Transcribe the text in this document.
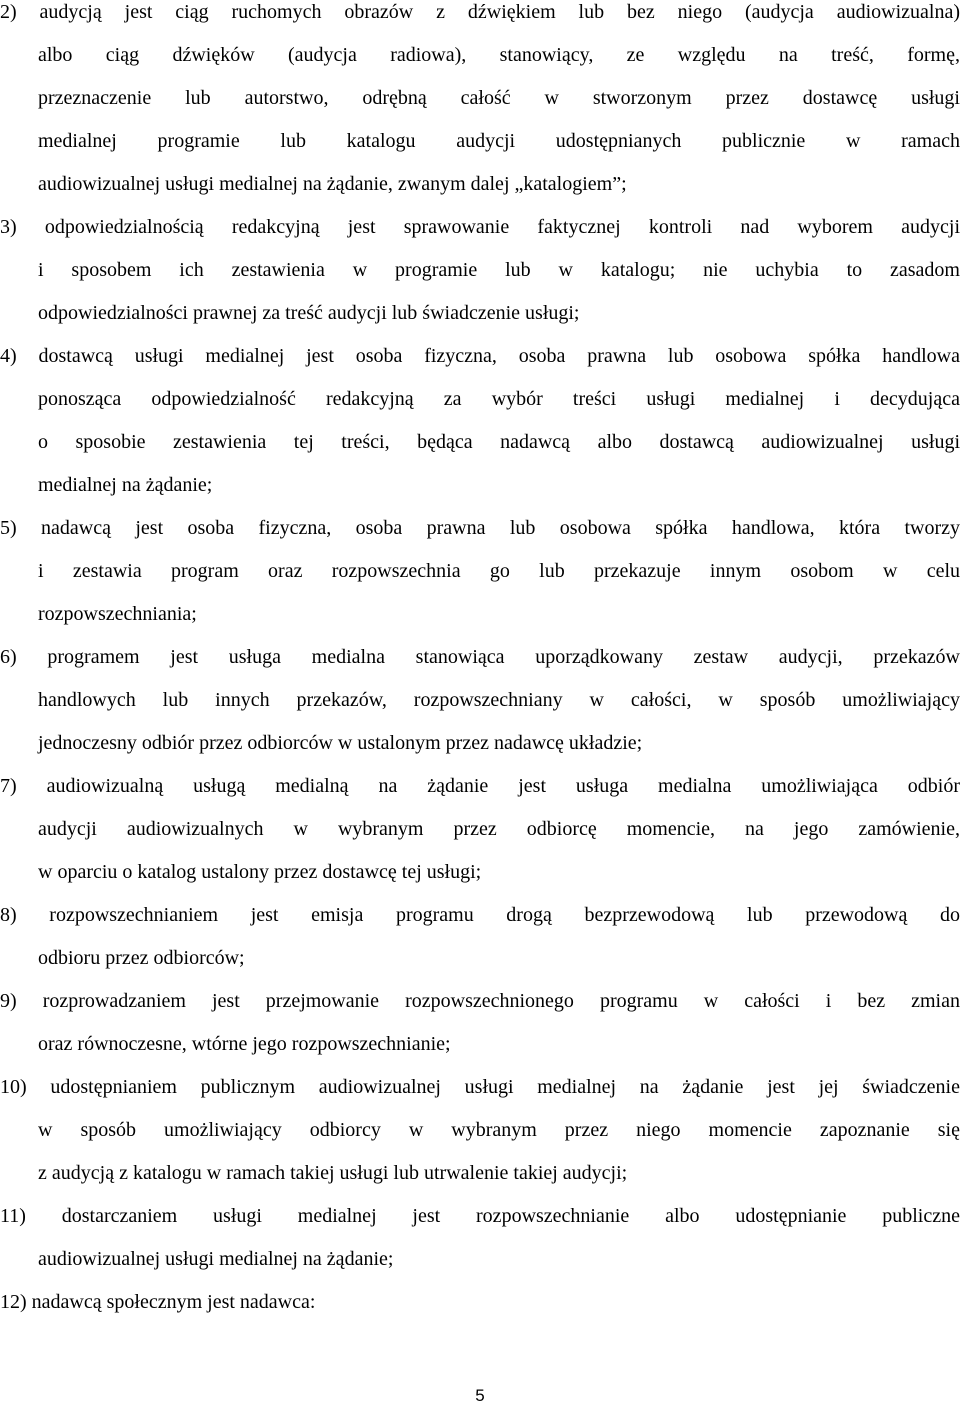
2) audycją jest ciąg ruchomych obrazów z dźwiękiem lub bez niego (audycja audiowizualna)
albo ciąg dźwięków (audycja radiowa), stanowiący, ze względu na treść, formę,
przeznaczenie lub autorstwo, odrębną całość w stworzonym przez dostawcę usługi
medialnej programie lub katalogu audycji udostępnianych publicznie w ramach
audiowizualnej usługi medialnej na żądanie, zwanym dalej „katalogiem”;
3) odpowiedzialnością redakcyjną jest sprawowanie faktycznej kontroli nad wyborem audycji
i sposobem ich zestawienia w programie lub w katalogu; nie uchybia to zasadom
odpowiedzialności prawnej za treść audycji lub świadczenie usługi;
4) dostawcą usługi medialnej jest osoba fizyczna, osoba prawna lub osobowa spółka handlowa
ponosząca odpowiedzialność redakcyjną za wybór treści usługi medialnej i decydująca
o sposobie zestawienia tej treści, będąca nadawcą albo dostawcą audiowizualnej usługi
medialnej na żądanie;
5) nadawcą jest osoba fizyczna, osoba prawna lub osobowa spółka handlowa, która tworzy
i zestawia program oraz rozpowszechnia go lub przekazuje innym osobom w celu
rozpowszechniania;
6) programem jest usługa medialna stanowiąca uporządkowany zestaw audycji, przekazów
handlowych lub innych przekazów, rozpowszechniany w całości, w sposób umożliwiający
jednoczesny odbiór przez odbiorców w ustalonym przez nadawcę układzie;
7) audiowizualną usługą medialną na żądanie jest usługa medialna umożliwiająca odbiór
audycji audiowizualnych w wybranym przez odbiorcę momencie, na jego zamówienie,
w oparciu o katalog ustalony przez dostawcę tej usługi;
8) rozpowszechnianiem jest emisja programu drogą bezprzewodową lub przewodową do
odbioru przez odbiorców;
9) rozprowadzaniem jest przejmowanie rozpowszechnionego programu w całości i bez zmian
oraz równoczesne, wtórne jego rozpowszechnianie;
10) udostępnianiem publicznym audiowizualnej usługi medialnej na żądanie jest jej świadczenie
w sposób umożliwiający odbiorcy w wybranym przez niego momencie zapoznanie się
z audycją z katalogu w ramach takiej usługi lub utrwalenie takiej audycji;
11) dostarczaniem usługi medialnej jest rozpowszechnianie albo udostępnianie publiczne
audiowizualnej usługi medialnej na żądanie;
12) nadawcą społecznym jest nadawca:
5
